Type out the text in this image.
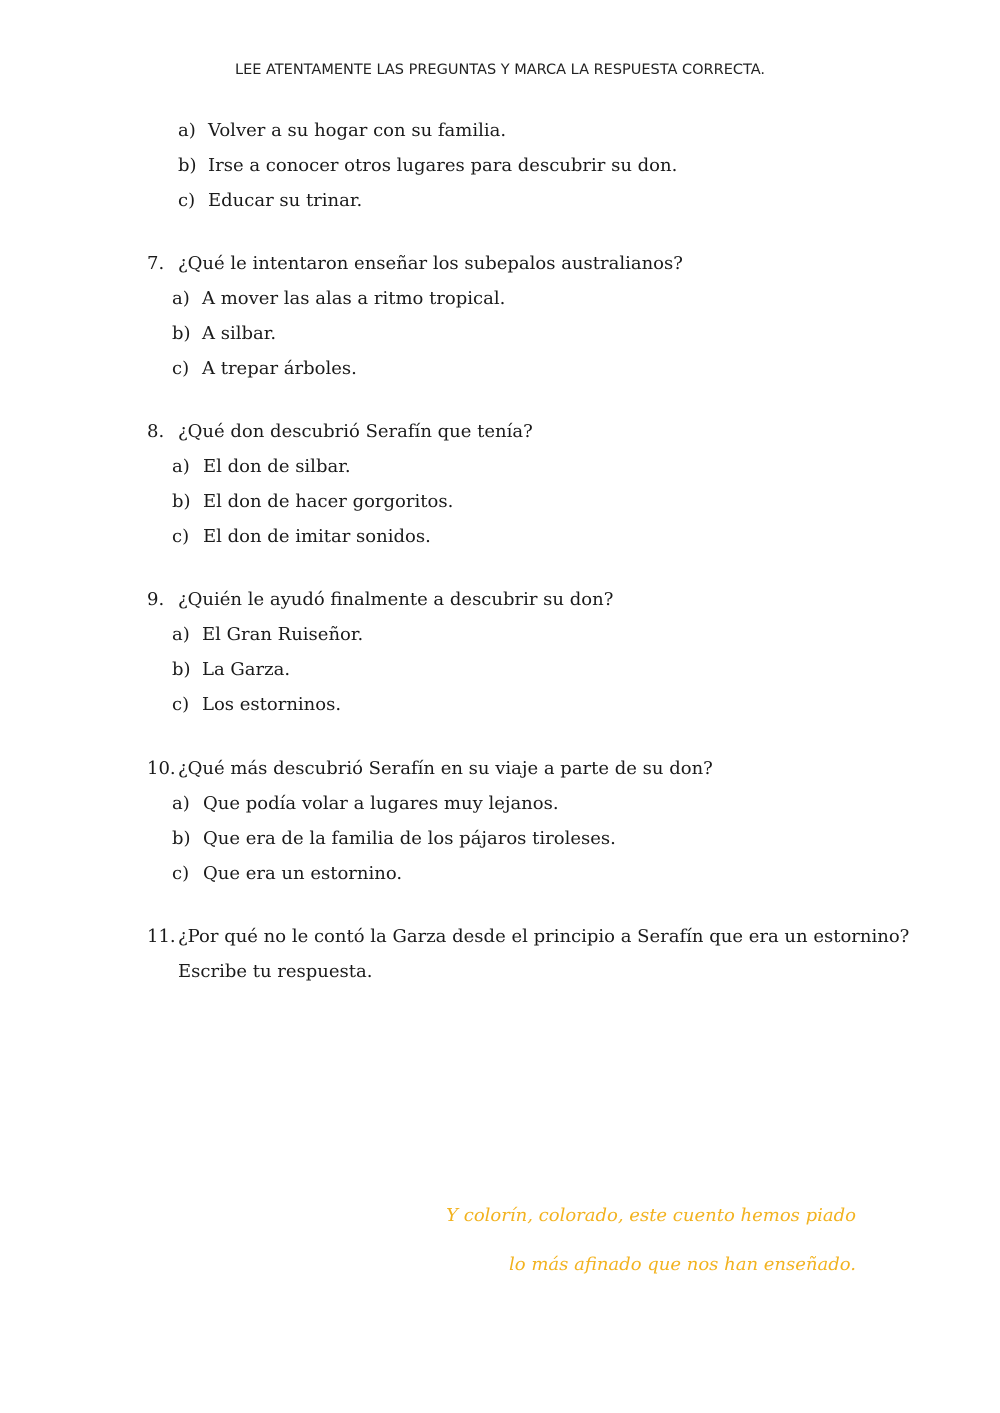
LEE ATENTAMENTE LAS PREGUNTAS Y MARCA LA RESPUESTA CORRECTA.
a) Volver a su hogar con su familia.
b) Irse a conocer otros lugares para descubrir su don.
c) Educar su trinar.
7. ¿Qué le intentaron enseñar los subepalos australianos?
a) A mover las alas a ritmo tropical.
b) A silbar.
c) A trepar árboles.
8. ¿Qué don descubrió Serafín que tenía?
a) El don de silbar.
b) El don de hacer gorgoritos.
c) El don de imitar sonidos.
9. ¿Quién le ayudó finalmente a descubrir su don?
a) El Gran Ruiseñor.
b) La Garza.
c) Los estorninos.
10. ¿Qué más descubrió Serafín en su viaje a parte de su don?
a) Que podía volar a lugares muy lejanos.
b) Que era de la familia de los pájaros tiroleses.
c) Que era un estornino.
11. ¿Por qué no le contó la Garza desde el principio a Serafín que era un estornino?
Escribe tu respuesta.
Y colorín, colorado, este cuento hemos piado
lo más afinado que nos han enseñado.
